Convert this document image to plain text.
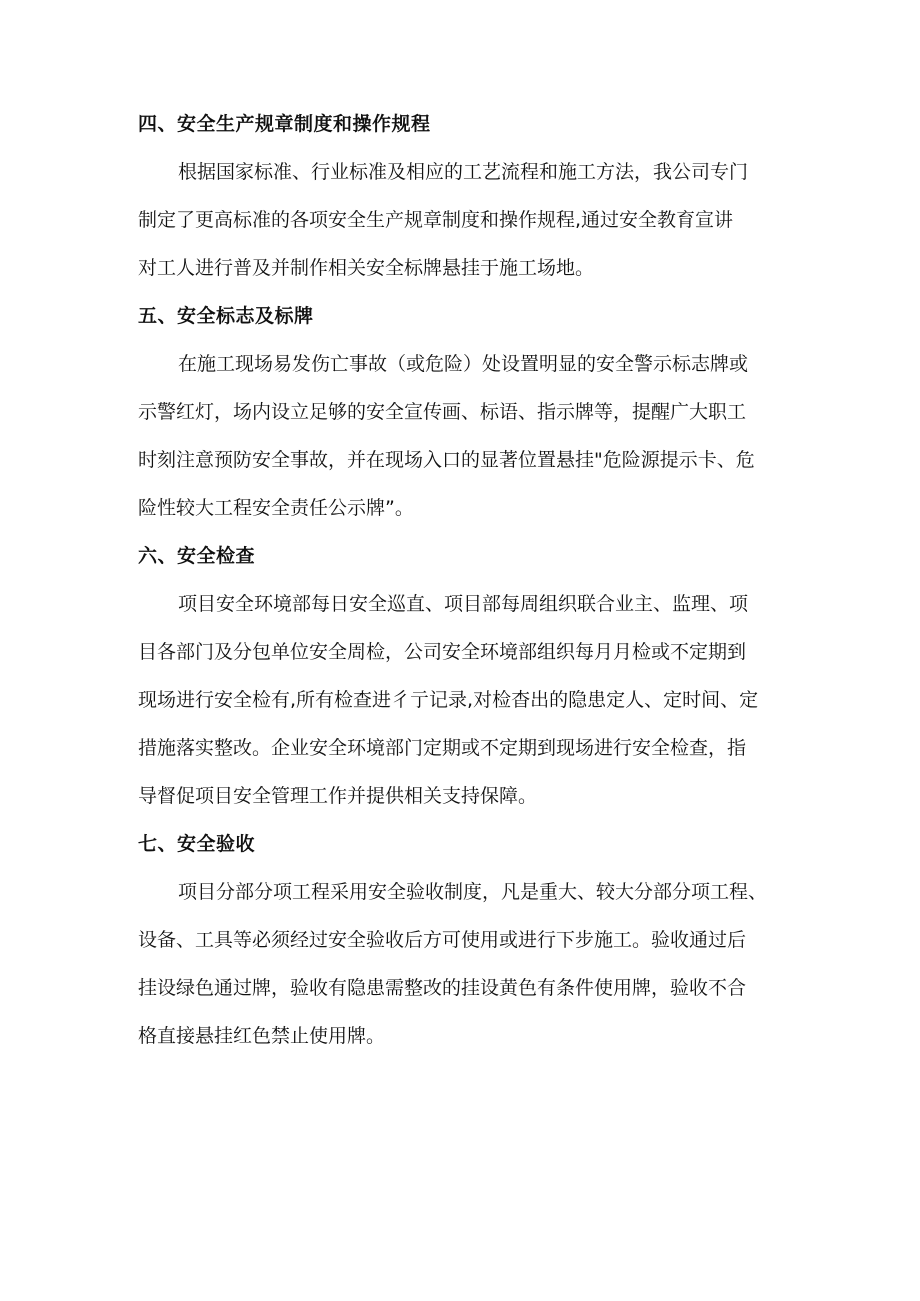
四、安全生产规章制度和操作规程
根据国家标准、行业标准及相应的工艺流程和施工方法，我公司专门
制定了更高标准的各项安全生产规章制度和操作规程,通过安全教育宣讲
对工人进行普及并制作相关安全标牌悬挂于施工场地。
五、安全标志及标牌
在施工现场易发伤亡事故（或危险）处设置明显的安全警示标志牌或
示警红灯，场内设立足够的安全宣传画、标语、指示牌等，提醒广大职工
时刻注意预防安全事故，并在现场入口的显著位置悬挂"危险源提示卡、危
险性较大工程安全责任公示牌”。
六、安全检查
项目安全环境部每日安全巡直、项目部每周组织联合业主、监理、项
目各部门及分包单位安全周检，公司安全环境部组织每月月检或不定期到
现场进行安全检有,所有检查进彳亍记录,对检杳出的隐患定人、定时间、定
措施落实整改。企业安全环境部门定期或不定期到现场进行安全检查，指
导督促项目安全管理工作并提供相关支持保障。
七、安全验收
项目分部分项工程采用安全验收制度，凡是重大、较大分部分项工程、
设备、工具等必须经过安全验收后方可使用或进行下步施工。验收通过后
挂设绿色通过牌，验收有隐患需整改的挂设黄色有条件使用牌，验收不合
格直接悬挂红色禁止使用牌。
